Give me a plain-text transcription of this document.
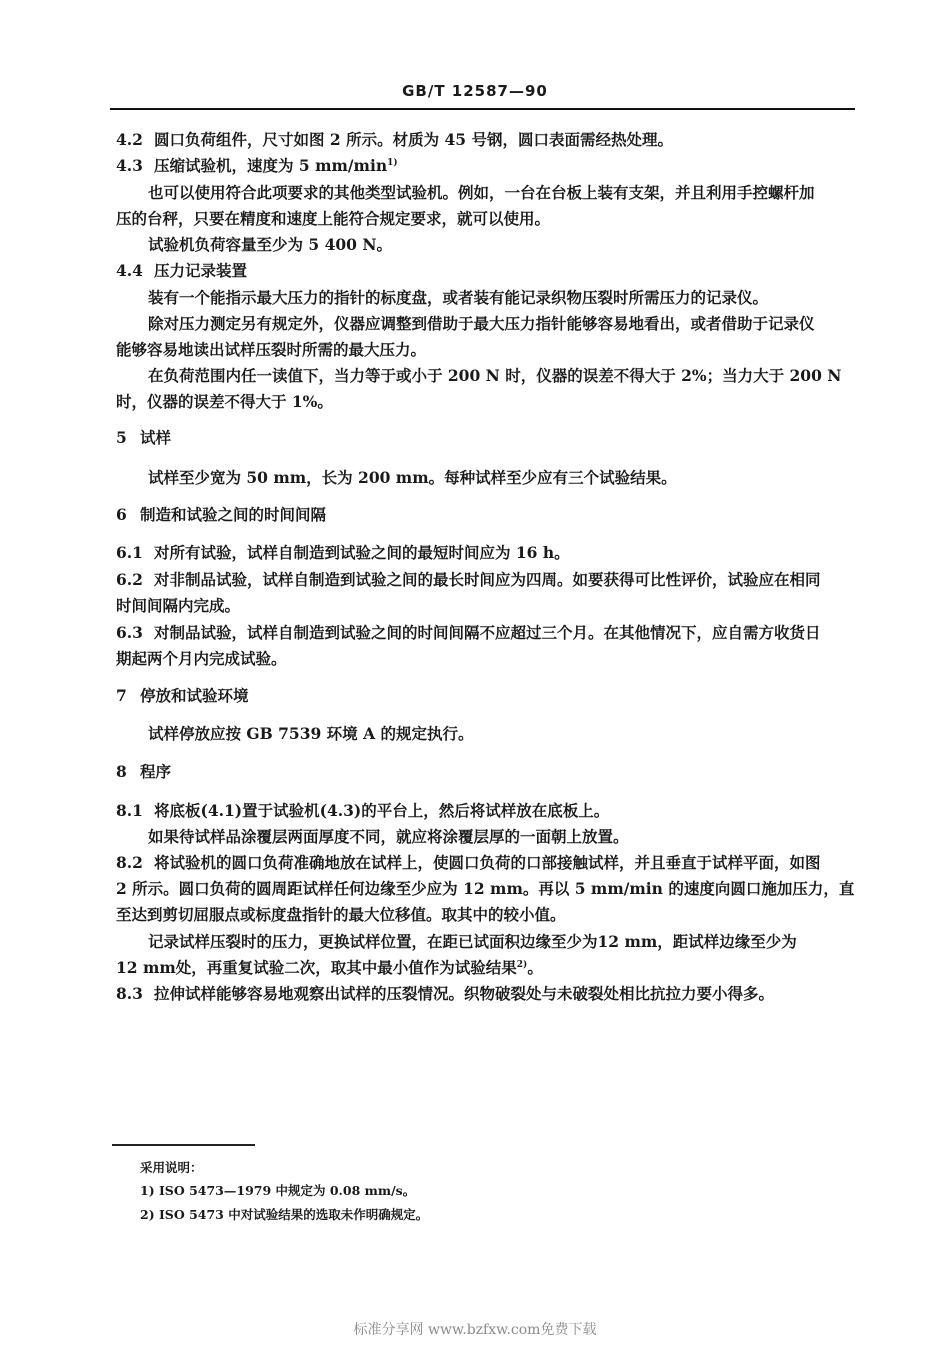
GB/T 12587—90
4.2 圆口负荷组件，尺寸如图 2 所示。材质为 45 号钢，圆口表面需经热处理。
4.3 压缩试验机，速度为 5 $mm/\min^{1)}$
也可以使用符合此项要求的其他类型试验机。例如，一台在台板上装有支架，并且利用手控螺杆加
压的台秤，只要在精度和速度上能符合规定要求，就可以使用。
试验机负荷容量至少为 5 400 N。
4.4 压力记录装置
装有一个能指示最大压力的指针的标度盘，或者装有能记录织物压裂时所需压力的记录仪。
除对压力测定另有规定外，仪器应调整到借助于最大压力指针能够容易地看出，或者借助于记录仪
能够容易地读出试样压裂时所需的最大压力。
在负荷范围内任一读值下，当力等于或小于 200 N 时，仪器的误差不得大于 2%；当力大于 200 N
时，仪器的误差不得大于 1%。
5 试样
试样至少宽为 50 mm，长为 200 mm。每种试样至少应有三个试验结果。
6 制造和试验之间的时间间隔
6.1 对所有试验，试样自制造到试验之间的最短时间应为 16 h。
6.2 对非制品试验，试样自制造到试验之间的最长时间应为四周。如要获得可比性评价，试验应在相同
时间间隔内完成。
6.3 对制品试验，试样自制造到试验之间的时间间隔不应超过三个月。在其他情况下，应自需方收货日
期起两个月内完成试验。
7 停放和试验环境
试样停放应按 GB 7539 环境 A 的规定执行。
8 程序
8.1 将底板(4.1)置于试验机(4.3)的平台上，然后将试样放在底板上。
如果待试样品涂覆层两面厚度不同，就应将涂覆层厚的一面朝上放置。
8.2 将试验机的圆口负荷准确地放在试样上，使圆口负荷的口部接触试样，并且垂直于试样平面，如图
2 所示。圆口负荷的圆周距试样任何边缘至少应为 12 mm。再以 5 mm/min 的速度向圆口施加压力，直
至达到剪切屈服点或标度盘指针的最大位移值。取其中的较小值。
记录试样压裂时的压力，更换试样位置，在距已试面积边缘至少为12 mm，距试样边缘至少为
12 mm处，再重复试验二次，取其中最小值作为试验结果$^{2)}$。
8.3 拉伸试样能够容易地观察出试样的压裂情况。织物破裂处与未破裂处相比抗拉力要小得多。
采用说明：
1) ISO 5473—1979 中规定为 0.08 mm/s。
2) ISO 5473 中对试验结果的选取未作明确规定。
标准分享网 www.bzfxw.com免费下载
